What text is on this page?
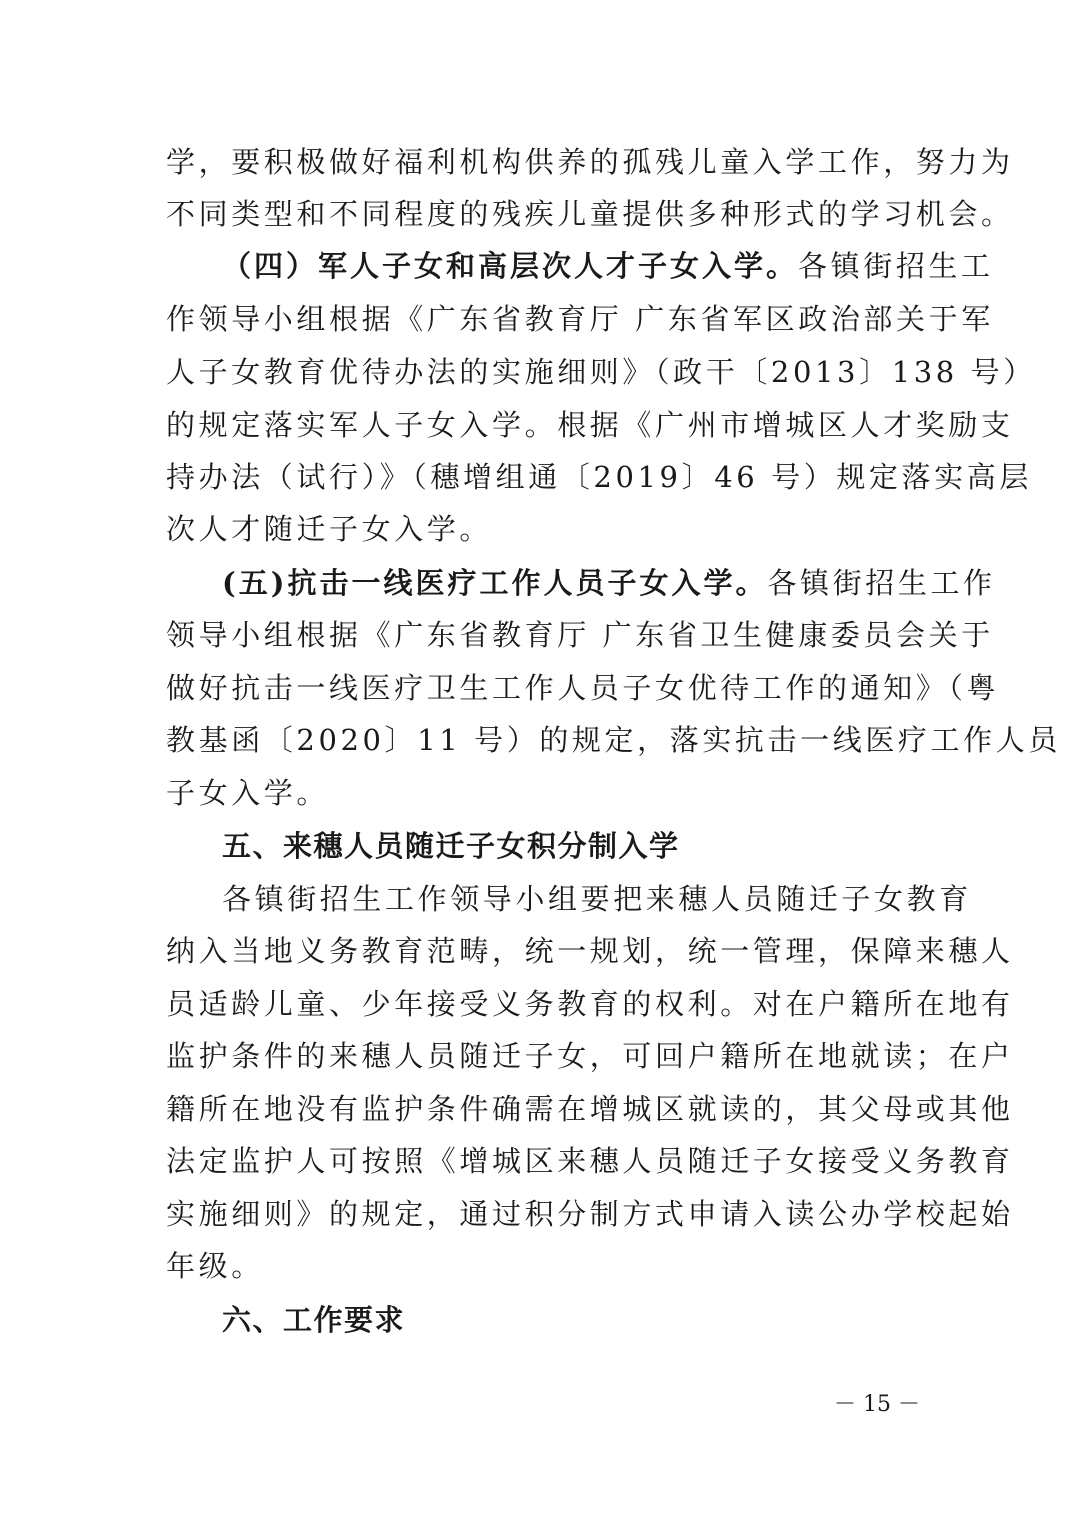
学，要积极做好福利机构供养的孤残儿童入学工作，努力为
不同类型和不同程度的残疾儿童提供多种形式的学习机会。
（四）军人子女和高层次人才子女入学。各镇街招生工
作领导小组根据《广东省教育厅 广东省军区政治部关于军
人子女教育优待办法的实施细则》（政干〔2013〕138 号）
的规定落实军人子女入学。根据《广州市增城区人才奖励支
持办法（试行）》（穗增组通〔2019〕46 号）规定落实高层
次人才随迁子女入学。
(五)抗击一线医疗工作人员子女入学。各镇街招生工作
领导小组根据《广东省教育厅 广东省卫生健康委员会关于
做好抗击一线医疗卫生工作人员子女优待工作的通知》（粤
教基函〔2020〕11 号）的规定，落实抗击一线医疗工作人员
子女入学。
五、来穗人员随迁子女积分制入学
各镇街招生工作领导小组要把来穗人员随迁子女教育
纳入当地义务教育范畴，统一规划，统一管理，保障来穗人
员适龄儿童、少年接受义务教育的权利。对在户籍所在地有
监护条件的来穗人员随迁子女，可回户籍所在地就读；在户
籍所在地没有监护条件确需在增城区就读的，其父母或其他
法定监护人可按照《增城区来穗人员随迁子女接受义务教育
实施细则》的规定，通过积分制方式申请入读公办学校起始
年级。
六、工作要求
－ 15 －
